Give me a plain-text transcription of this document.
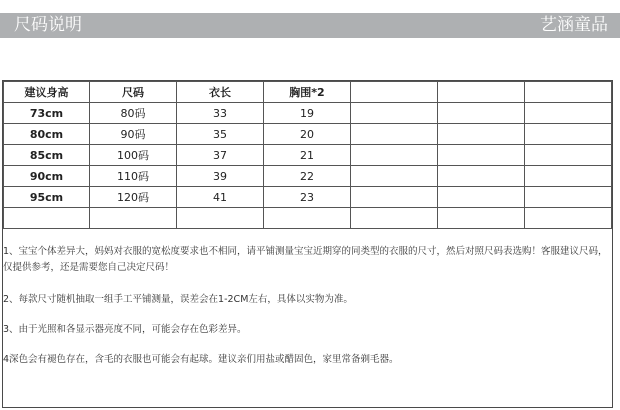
尺码说明	艺涵童品
建议身高	尺码	衣长	胸围*2			
73cm	80码	33	19			
80cm	90码	35	20			
85cm	100码	37	21			
90cm	110码	39	22			
95cm	120码	41	23			

1、宝宝个体差异大，妈妈对衣服的宽松度要求也不相同，请平铺测量宝宝近期穿的同类型的衣服的尺寸，然后对照尺码表选购！客服建议尺码，仅提供参考，还是需要您自己决定尺码！

2、每款尺寸随机抽取一组手工平铺测量，误差会在1-2CM左右，具体以实物为准。

3、由于光照和各显示器亮度不同，可能会存在色彩差异。

4深色会有褪色存在，含毛的衣服也可能会有起球。建议亲们用盐或醋固色，家里常备剃毛器。
